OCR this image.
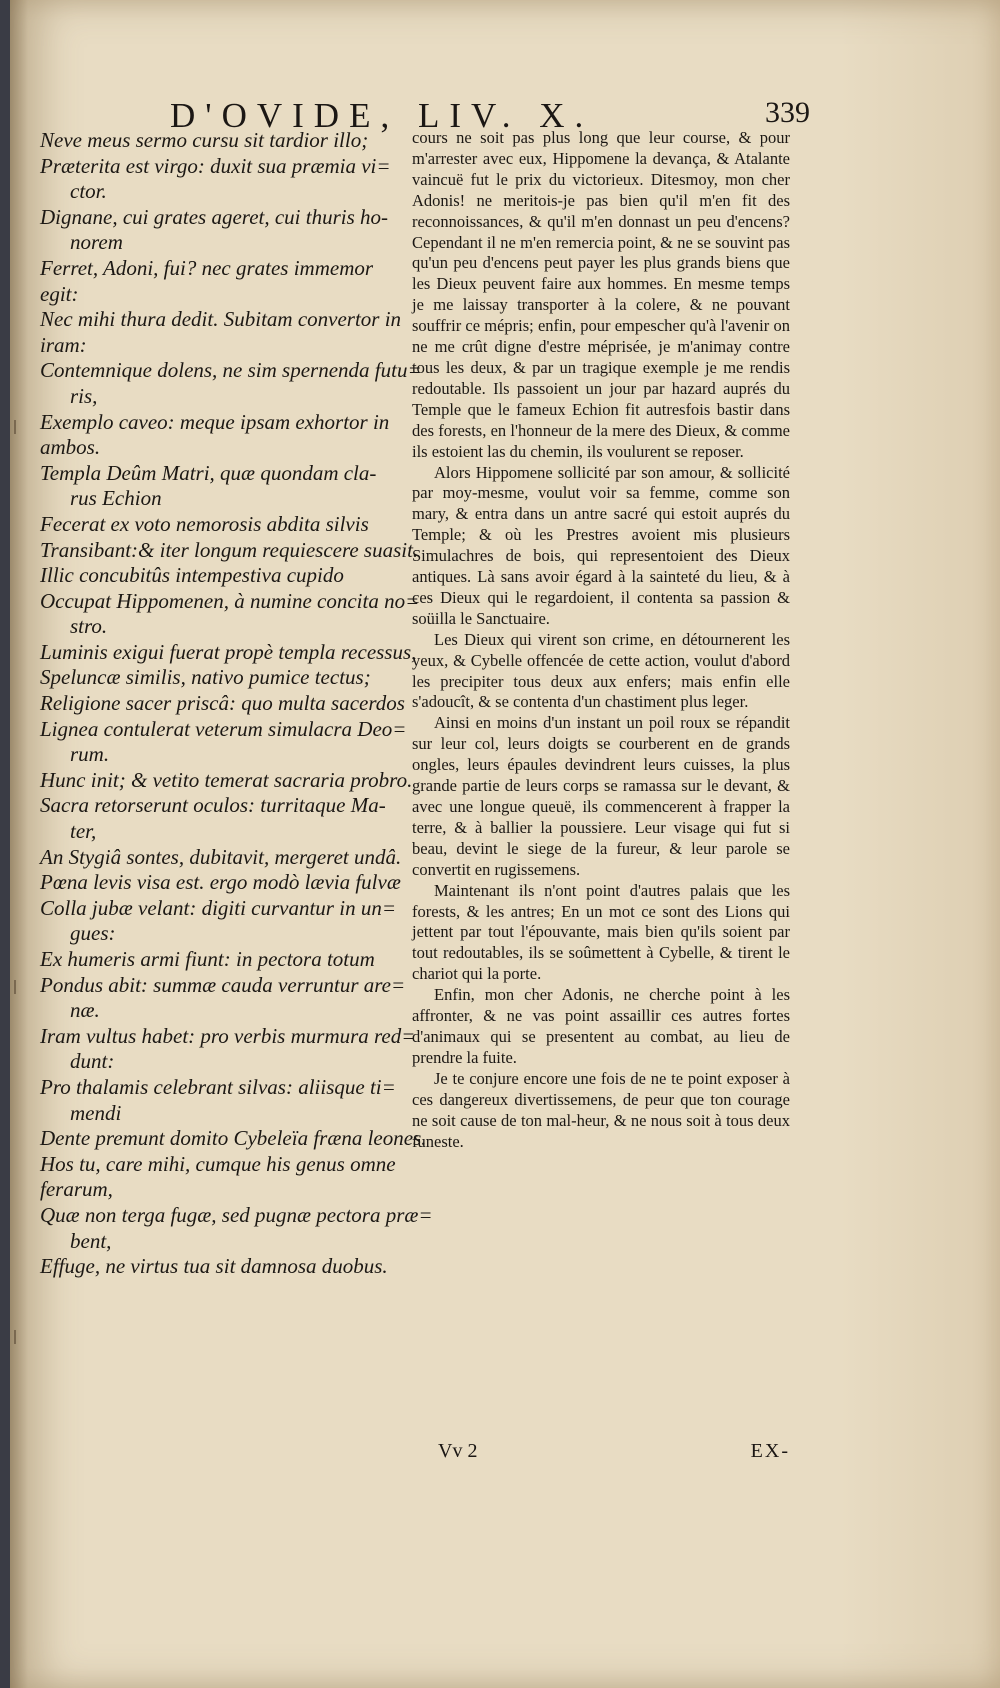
D'OVIDE, LIV. X.	339

Neve meus sermo cursu sit tardior illo;

Præterita est virgo: duxit sua præmia vi=

ctor.

Dignane, cui grates ageret, cui thuris ho-

norem

Ferret, Adoni, fui? nec grates immemor

egit:

Nec mihi thura dedit. Subitam convertor in

iram:

Contemnique dolens, ne sim spernenda futu=

ris,

Exemplo caveo: meque ipsam exhortor in

ambos.

Templa Deûm Matri, quæ quondam cla-

rus Echion

Fecerat ex voto nemorosis abdita silvis

Transibant:& iter longum requiescere suasit.

Illic concubitûs intempestiva cupido

Occupat Hippomenen, à numine concita no=

stro.

Luminis exigui fuerat propè templa recessus,

Speluncæ similis, nativo pumice tectus;

Religione sacer priscâ: quo multa sacerdos

Lignea contulerat veterum simulacra Deo=

rum.

Hunc init; & vetito temerat sacraria probro.

Sacra retorserunt oculos: turritaque Ma-

ter,

An Stygiâ sontes, dubitavit, mergeret undâ.

Pœna levis visa est. ergo modò lævia fulvæ

Colla jubæ velant: digiti curvantur in un=

gues:

Ex humeris armi fiunt: in pectora totum

Pondus abit: summæ cauda verruntur are=

næ.

Iram vultus habet: pro verbis murmura red=

dunt:

Pro thalamis celebrant silvas: aliisque ti=

mendi

Dente premunt domito Cybeleïa fræna leones.

Hos tu, care mihi, cumque his genus omne

ferarum,

Quæ non terga fugæ, sed pugnæ pectora præ=

bent,

Effuge, ne virtus tua sit damnosa duobus.

cours ne soit pas plus long que leur course, & pour m'arrester avec eux, Hippomene la devança, & Atalante vaincuë fut le prix du victorieux. Ditesmoy, mon cher Adonis! ne meritois-je pas bien qu'il m'en fit des reconnoissances, & qu'il m'en donnast un peu d'encens? Cependant il ne m'en remercia point, & ne se souvint pas qu'un peu d'encens peut payer les plus grands biens que les Dieux peuvent faire aux hommes. En mesme temps je me laissay transporter à la colere, & ne pouvant souffrir ce mépris; enfin, pour empescher qu'à l'avenir on ne me crût digne d'estre méprisée, je m'animay contre tous les deux, & par un tragique exemple je me rendis redoutable. Ils passoient un jour par hazard auprés du Temple que le fameux Echion fit autresfois bastir dans des forests, en l'honneur de la mere des Dieux, & comme ils estoient las du chemin, ils voulurent se reposer.

Alors Hippomene sollicité par son amour, & sollicité par moy-mesme, voulut voir sa femme, comme son mary, & entra dans un antre sacré qui estoit auprés du Temple; & où les Prestres avoient mis plusieurs Simulachres de bois, qui representoient des Dieux antiques. Là sans avoir égard à la sainteté du lieu, & à ces Dieux qui le regardoient, il contenta sa passion & soüilla le Sanctuaire.

Les Dieux qui virent son crime, en détournerent les yeux, & Cybelle offencée de cette action, voulut d'abord les precipiter tous deux aux enfers; mais enfin elle s'adoucît, & se contenta d'un chastiment plus leger.

Ainsi en moins d'un instant un poil roux se répandit sur leur col, leurs doigts se courberent en de grands ongles, leurs épaules devindrent leurs cuisses, la plus grande partie de leurs corps se ramassa sur le devant, & avec une longue queuë, ils commencerent à frapper la terre, & à ballier la poussiere. Leur visage qui fut si beau, devint le siege de la fureur, & leur parole se convertit en rugissemens.

Maintenant ils n'ont point d'autres palais que les forests, & les antres; En un mot ce sont des Lions qui jettent par tout l'épouvante, mais bien qu'ils soient par tout redoutables, ils se soûmettent à Cybelle, & tirent le chariot qui la porte.

Enfin, mon cher Adonis, ne cherche point à les affronter, & ne vas point assaillir ces autres fortes d'animaux qui se presentent au combat, au lieu de prendre la fuite.

Je te conjure encore une fois de ne te point exposer à ces dangereux divertissemens, de peur que ton courage ne soit cause de ton mal-heur, & ne nous soit à tous deux funeste.

Vv 2	EX-
